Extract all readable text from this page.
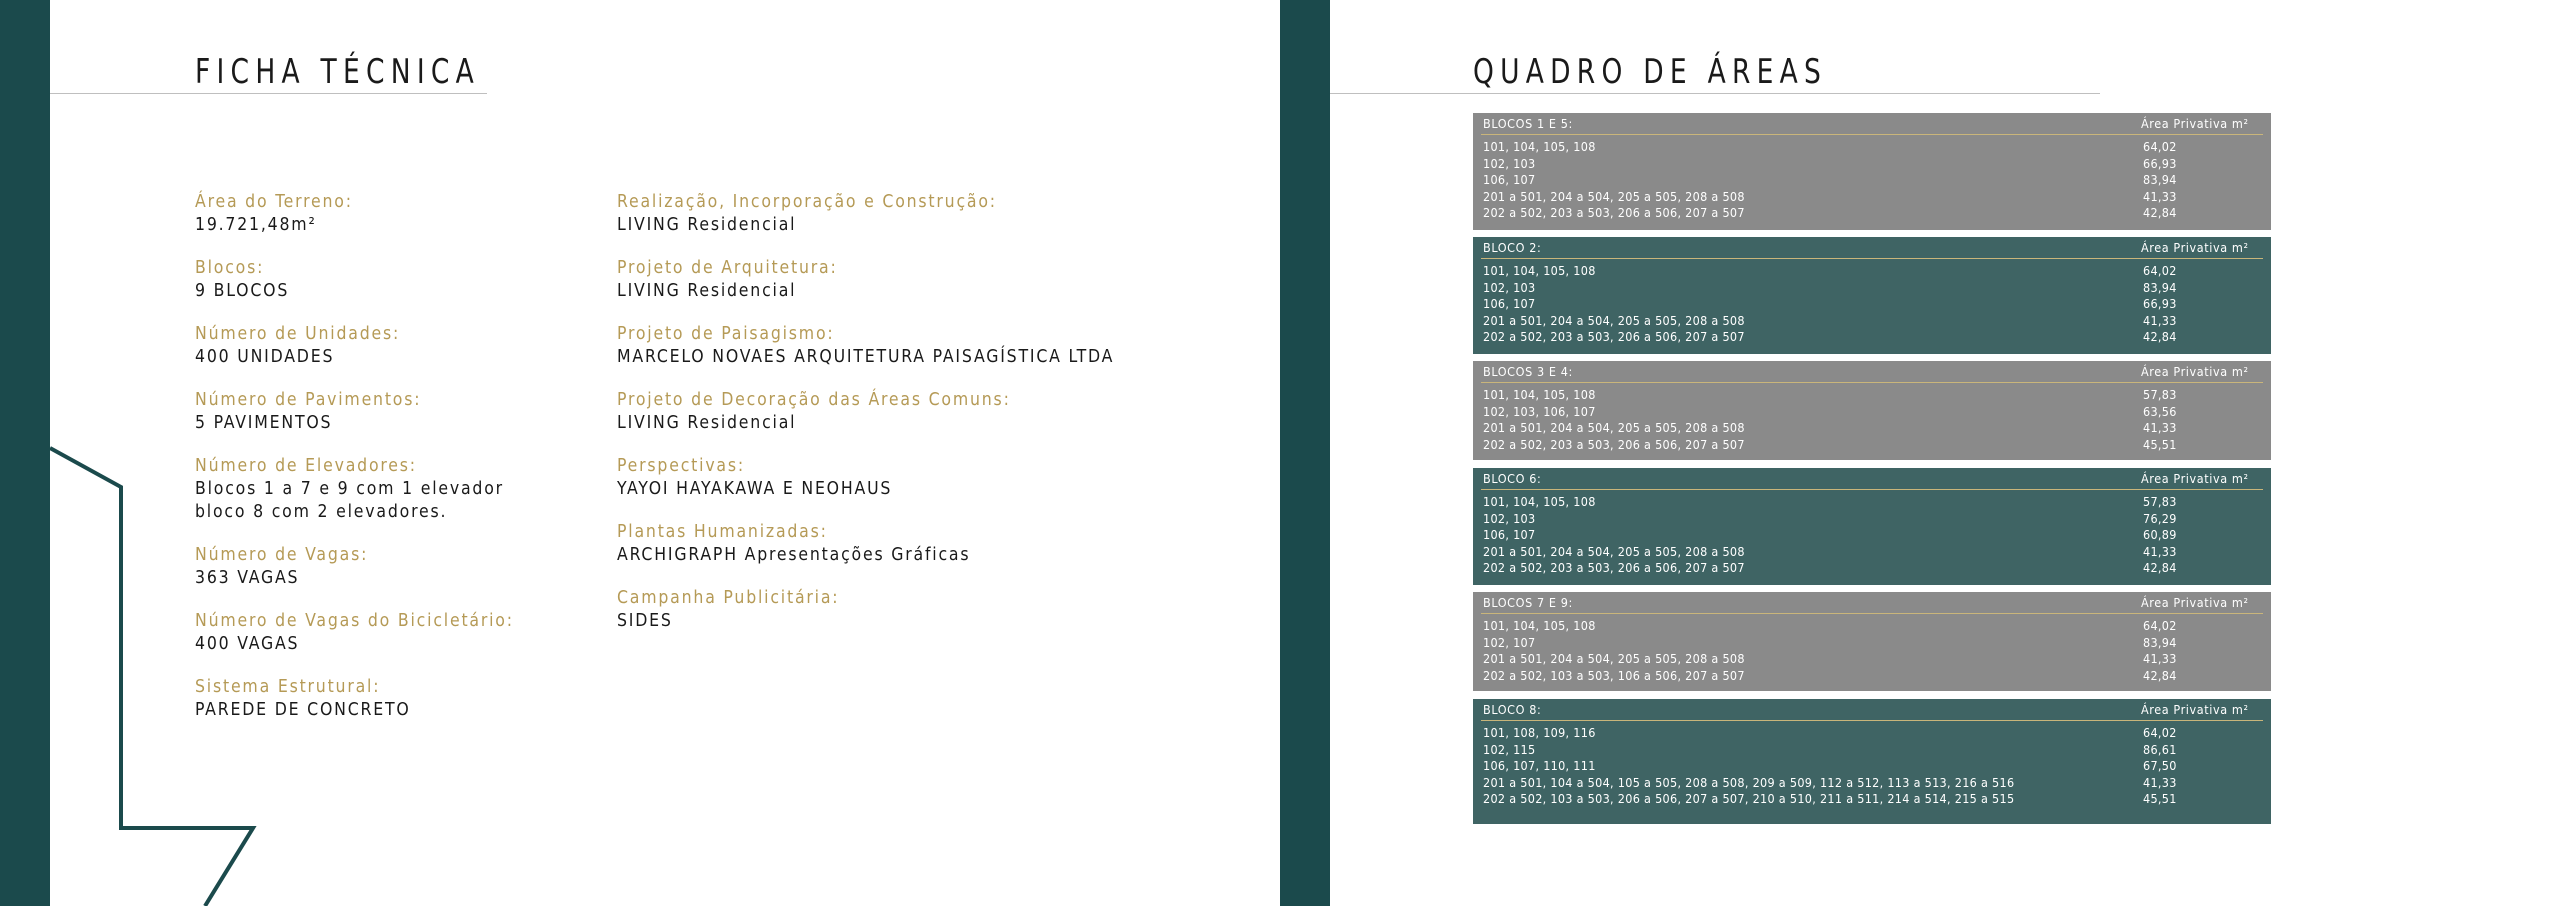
FICHA TÉCNICA
Área do Terreno:
19.721,48m²
Blocos:
9 BLOCOS
Número de Unidades:
400 UNIDADES
Número de Pavimentos:
5 PAVIMENTOS
Número de Elevadores:
Blocos 1 a 7 e 9 com 1 elevador
bloco 8 com 2 elevadores.
Número de Vagas:
363 VAGAS
Número de Vagas do Bicicletário:
400 VAGAS
Sistema Estrutural:
PAREDE DE CONCRETO
Realização, Incorporação e Construção:
LIVING Residencial
Projeto de Arquitetura:
LIVING Residencial
Projeto de Paisagismo:
MARCELO NOVAES ARQUITETURA PAISAGÍSTICA LTDA
Projeto de Decoração das Áreas Comuns:
LIVING Residencial
Perspectivas:
YAYOI HAYAKAWA E NEOHAUS
Plantas Humanizadas:
ARCHIGRAPH Apresentações Gráficas
Campanha Publicitária:
SIDES
QUADRO DE ÁREAS
BLOCOS 1 E 5:	Área Privativa m²
101, 104, 105, 108	64,02
102, 103	66,93
106, 107	83,94
201 a 501, 204 a 504, 205 a 505, 208 a 508	41,33
202 a 502, 203 a 503, 206 a 506, 207 a 507	42,84
BLOCO 2:	Área Privativa m²
101, 104, 105, 108	64,02
102, 103	83,94
106, 107	66,93
201 a 501, 204 a 504, 205 a 505, 208 a 508	41,33
202 a 502, 203 a 503, 206 a 506, 207 a 507	42,84
BLOCOS 3 E 4:	Área Privativa m²
101, 104, 105, 108	57,83
102, 103, 106, 107	63,56
201 a 501, 204 a 504, 205 a 505, 208 a 508	41,33
202 a 502, 203 a 503, 206 a 506, 207 a 507	45,51
BLOCO 6:	Área Privativa m²
101, 104, 105, 108	57,83
102, 103	76,29
106, 107	60,89
201 a 501, 204 a 504, 205 a 505, 208 a 508	41,33
202 a 502, 203 a 503, 206 a 506, 207 a 507	42,84
BLOCOS 7 E 9:	Área Privativa m²
101, 104, 105, 108	64,02
102, 107	83,94
201 a 501, 204 a 504, 205 a 505, 208 a 508	41,33
202 a 502, 103 a 503, 106 a 506, 207 a 507	42,84
BLOCO 8:	Área Privativa m²
101, 108, 109, 116	64,02
102, 115	86,61
106, 107, 110, 111	67,50
201 a 501, 104 a 504, 105 a 505, 208 a 508, 209 a 509, 112 a 512, 113 a 513, 216 a 516	41,33
202 a 502, 103 a 503, 206 a 506, 207 a 507, 210 a 510, 211 a 511, 214 a 514, 215 a 515	45,51
